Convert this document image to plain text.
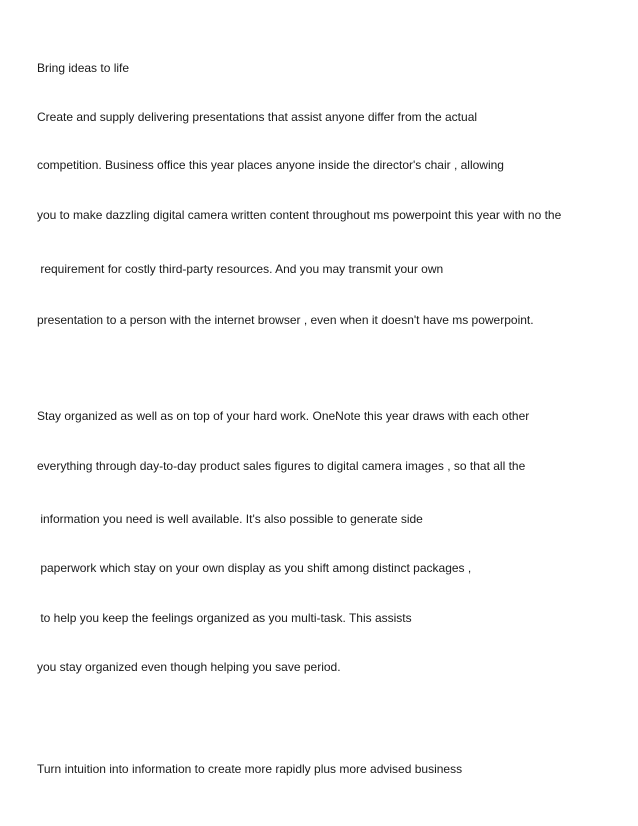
Bring ideas to life
Create and supply delivering presentations that assist anyone differ from the actual
competition. Business office this year places anyone inside the director's chair , allowing
you to make dazzling digital camera written content throughout ms powerpoint this year with no the
requirement for costly third-party resources. And you may transmit your own
presentation to a person with the internet browser , even when it doesn't have ms powerpoint.
Stay organized as well as on top of your hard work. OneNote this year draws with each other
everything through day-to-day product sales figures to digital camera images , so that all the
information you need is well available. It's also possible to generate side
paperwork which stay on your own display as you shift among distinct packages ,
to help you keep the feelings organized as you multi-task. This assists
you stay organized even though helping you save period.
Turn intuition into information to create more rapidly plus more advised business
